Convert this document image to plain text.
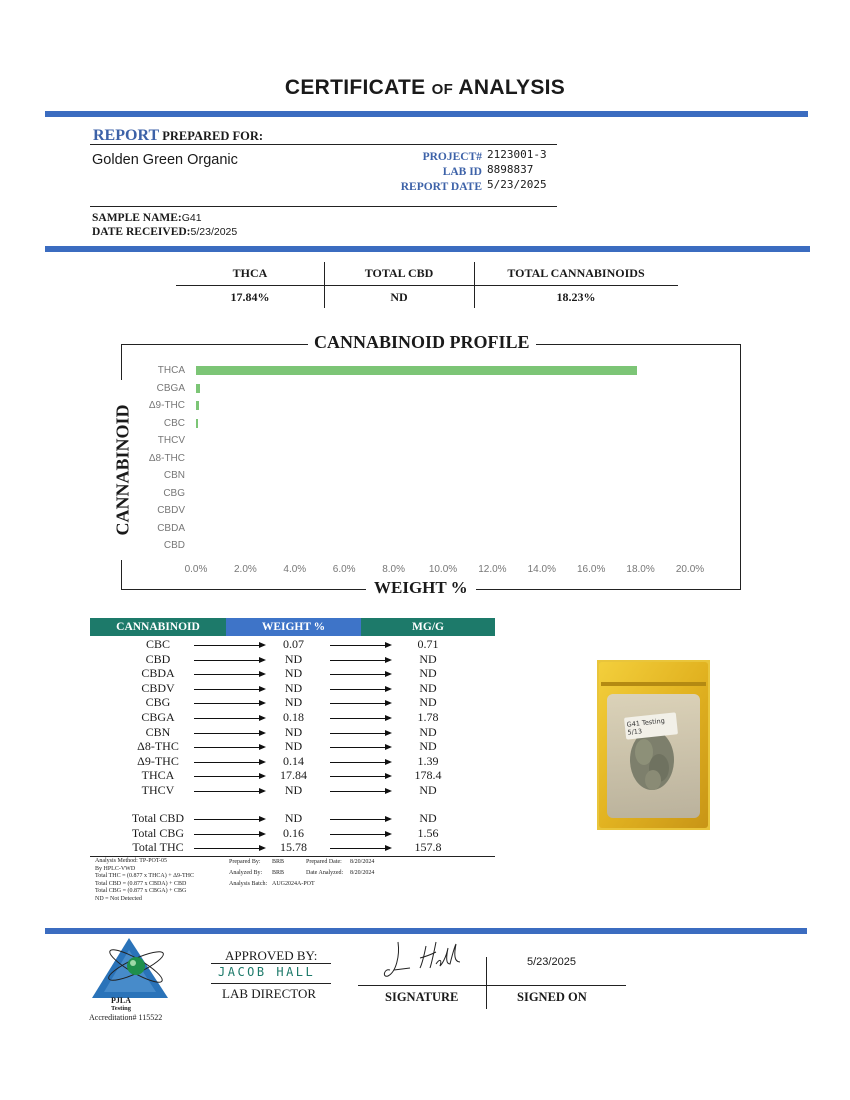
CERTIFICATE OF ANALYSIS
REPORT PREPARED FOR:
Golden Green Organic	PROJECT# 2123001-3
LAB ID 8898837
REPORT DATE 5/23/2025
SAMPLE NAME:G41
DATE RECEIVED:5/23/2025
THCA	TOTAL CBD	TOTAL CANNABINOIDS
17.84%	ND	18.23%
CANNABINOID PROFILE
WEIGHT %
CANNABINOID
THCA
CBGA
Δ9-THC
CBC
THCV
Δ8-THC
CBN
CBG
CBDV
CBDA
CBD
0.0%	2.0%	4.0%	6.0%	8.0%	10.0%	12.0%	14.0%	16.0%	18.0%	20.0%
CANNABINOID	WEIGHT %	MG/G
CBC	0.07	0.71
CBD	ND	ND
CBDA	ND	ND
CBDV	ND	ND
CBG	ND	ND
CBGA	0.18	1.78
CBN	ND	ND
Δ8-THC	ND	ND
Δ9-THC	0.14	1.39
THCA	17.84	178.4
THCV	ND	ND
Total CBD	ND	ND
Total CBG	0.16	1.56
Total THC	15.78	157.8
Analysis Method: TP-POT-05
By HPLC-VWD
Total THC = (0.877 x THCA) + Δ9-THC
Total CBD = (0.877 x CBDA) + CBD
Total CBG = (0.877 x CBGA) + CBG
ND = Not Detected
Prepared By: BRB	Prepared Date: 8/20/2024
Analyzed By: BRB	Date Analyzed: 8/20/2024
Analysis Batch: AUG2024A-POT
G41 Testing 5/13
PJLA
Testing
Accreditation# 115522
APPROVED BY:
JACOB HALL
LAB DIRECTOR	SIGNATURE
5/23/2025
SIGNED ON
